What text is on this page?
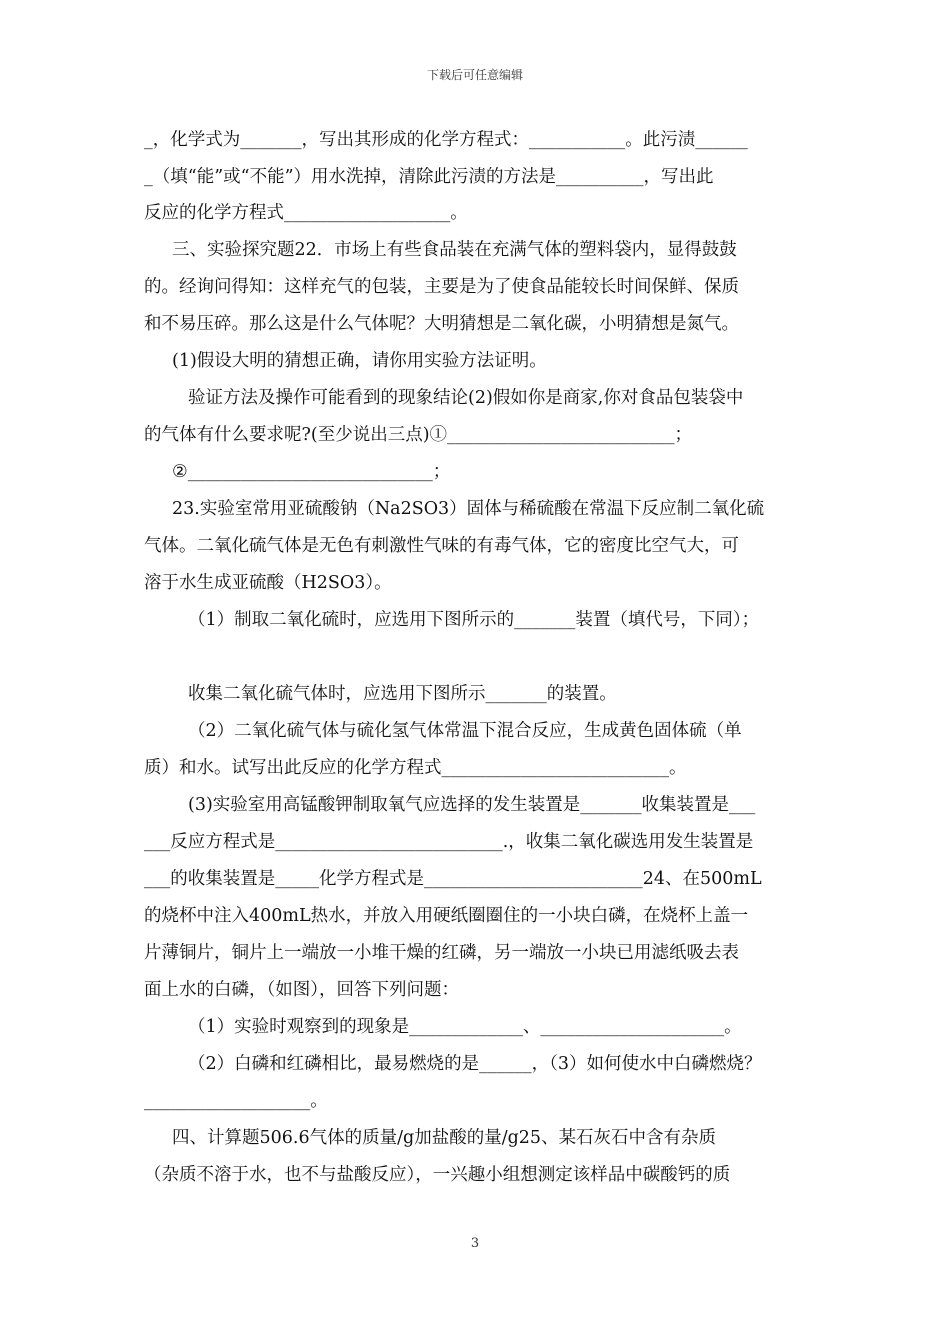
下载后可任意编辑
_，化学式为_______，写出其形成的化学方程式：___________。此污渍______
_（填“能”或“不能”）用水洗掉，清除此污渍的方法是__________，写出此
反应的化学方程式___________________。
三、实验探究题22．市场上有些食品装在充满气体的塑料袋内，显得鼓鼓
的。经询问得知：这样充气的包装，主要是为了使食品能较长时间保鲜、保质
和不易压碎。那么这是什么气体呢？大明猜想是二氧化碳，小明猜想是氮气。
(1)假设大明的猜想正确，请你用实验方法证明。
验证方法及操作可能看到的现象结论(2)假如你是商家,你对食品包装袋中
的气体有什么要求呢?(至少说出三点)①__________________________；
②____________________________；
23.实验室常用亚硫酸钠（Na2SO3）固体与稀硫酸在常温下反应制二氧化硫
气体。二氧化硫气体是无色有刺激性气味的有毒气体，它的密度比空气大，可
溶于水生成亚硫酸（H2SO3）。
（1）制取二氧化硫时，应选用下图所示的_______装置（填代号，下同）；
收集二氧化硫气体时，应选用下图所示_______的装置。
（2）二氧化硫气体与硫化氢气体常温下混合反应，生成黄色固体硫（单
质）和水。试写出此反应的化学方程式__________________________。
(3)实验室用高锰酸钾制取氧气应选择的发生装置是_______收集装置是___
___反应方程式是__________________________.，收集二氧化碳选用发生装置是
___的收集装置是_____化学方程式是_________________________24、在500mL
的烧杯中注入400mL热水，并放入用硬纸圈圈住的一小块白磷，在烧杯上盖一
片薄铜片，铜片上一端放一小堆干燥的红磷，另一端放一小块已用滤纸吸去表
面上水的白磷，（如图），回答下列问题：
（1）实验时观察到的现象是_____________、_____________________。
（2）白磷和红磷相比，最易燃烧的是______，（3）如何使水中白磷燃烧？
___________________。
四、计算题506.6气体的质量/g加盐酸的量/g25、某石灰石中含有杂质
（杂质不溶于水，也不与盐酸反应），一兴趣小组想测定该样品中碳酸钙的质
3
